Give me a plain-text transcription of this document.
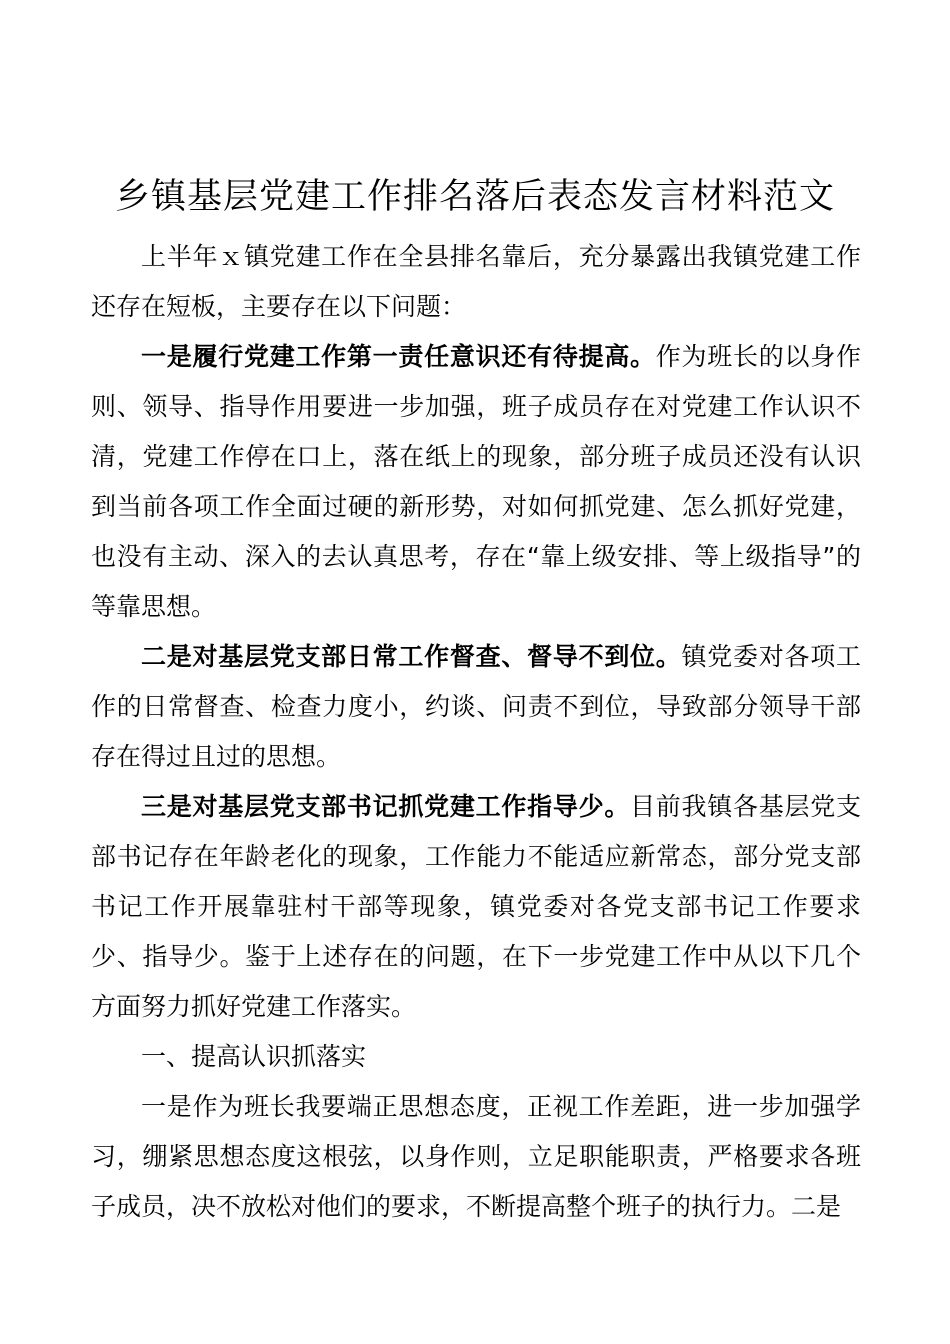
乡镇基层党建工作排名落后表态发言材料范文

上半年ｘ镇党建工作在全县排名靠后，充分暴露出我镇党建工作还存在短板，主要存在以下问题：

一是履行党建工作第一责任意识还有待提高。作为班长的以身作则、领导、指导作用要进一步加强，班子成员存在对党建工作认识不清，党建工作停在口上，落在纸上的现象，部分班子成员还没有认识到当前各项工作全面过硬的新形势，对如何抓党建、怎么抓好党建，也没有主动、深入的去认真思考，存在“靠上级安排、等上级指导”的等靠思想。

二是对基层党支部日常工作督查、督导不到位。镇党委对各项工作的日常督查、检查力度小，约谈、问责不到位，导致部分领导干部存在得过且过的思想。

三是对基层党支部书记抓党建工作指导少。目前我镇各基层党支部书记存在年龄老化的现象，工作能力不能适应新常态，部分党支部书记工作开展靠驻村干部等现象，镇党委对各党支部书记工作要求少、指导少。鉴于上述存在的问题，在下一步党建工作中从以下几个方面努力抓好党建工作落实。

一、提高认识抓落实

一是作为班长我要端正思想态度，正视工作差距，进一步加强学习，绷紧思想态度这根弦，以身作则，立足职能职责，严格要求各班子成员，决不放松对他们的要求，不断提高整个班子的执行力。二是
